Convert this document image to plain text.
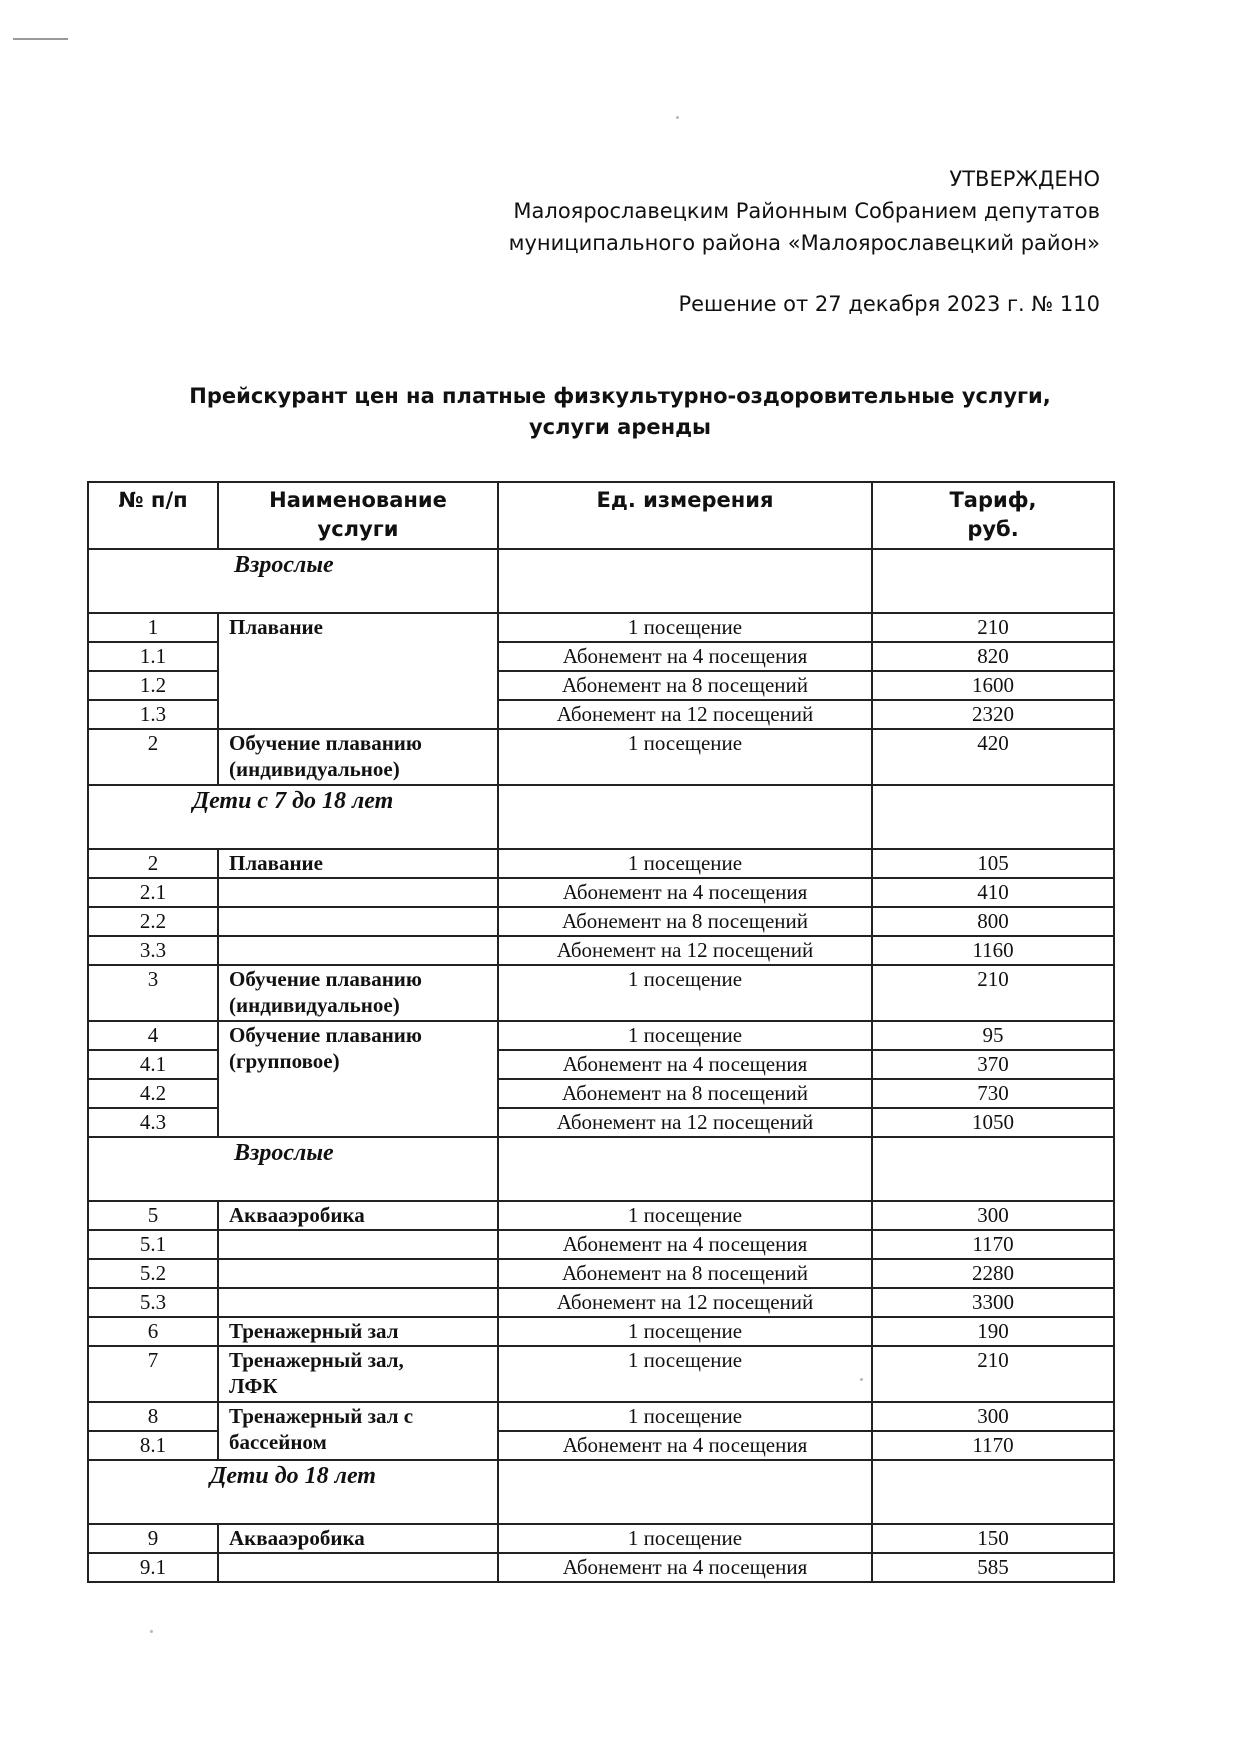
УТВЕРЖДЕНО
Малоярославецким Районным Собранием депутатов
муниципального района «Малоярославецкий район»
Решение от 27 декабря 2023 г. № 110
Прейскурант цен на платные физкультурно-оздоровительные услуги,
услуги аренды
№ п/п	Наименование
услуги	Ед. измерения	Тариф,
руб.
Взрослые			
1	Плавание	1 посещение	210
1.1		Абонемент на 4 посещения	820
1.2		Абонемент на 8 посещений	1600
1.3		Абонемент на 12 посещений	2320
2	Обучение плаванию
(индивидуальное)	1 посещение	420
Дети с 7 до 18 лет			
2	Плавание	1 посещение	105
2.1		Абонемент на 4 посещения	410
2.2		Абонемент на 8 посещений	800
3.3		Абонемент на 12 посещений	1160
3	Обучение плаванию
(индивидуальное)	1 посещение	210
4	Обучение плаванию
(групповое)	1 посещение	95
4.1		Абонемент на 4 посещения	370
4.2		Абонемент на 8 посещений	730
4.3		Абонемент на 12 посещений	1050
Взрослые			
5	Аквааэробика	1 посещение	300
5.1		Абонемент на 4 посещения	1170
5.2		Абонемент на 8 посещений	2280
5.3		Абонемент на 12 посещений	3300
6	Тренажерный зал	1 посещение	190
7	Тренажерный зал,
ЛФК	1 посещение	210
8	Тренажерный зал с
бассейном	1 посещение	300
8.1		Абонемент на 4 посещения	1170
Дети до 18 лет			
9	Аквааэробика	1 посещение	150
9.1		Абонемент на 4 посещения	585
